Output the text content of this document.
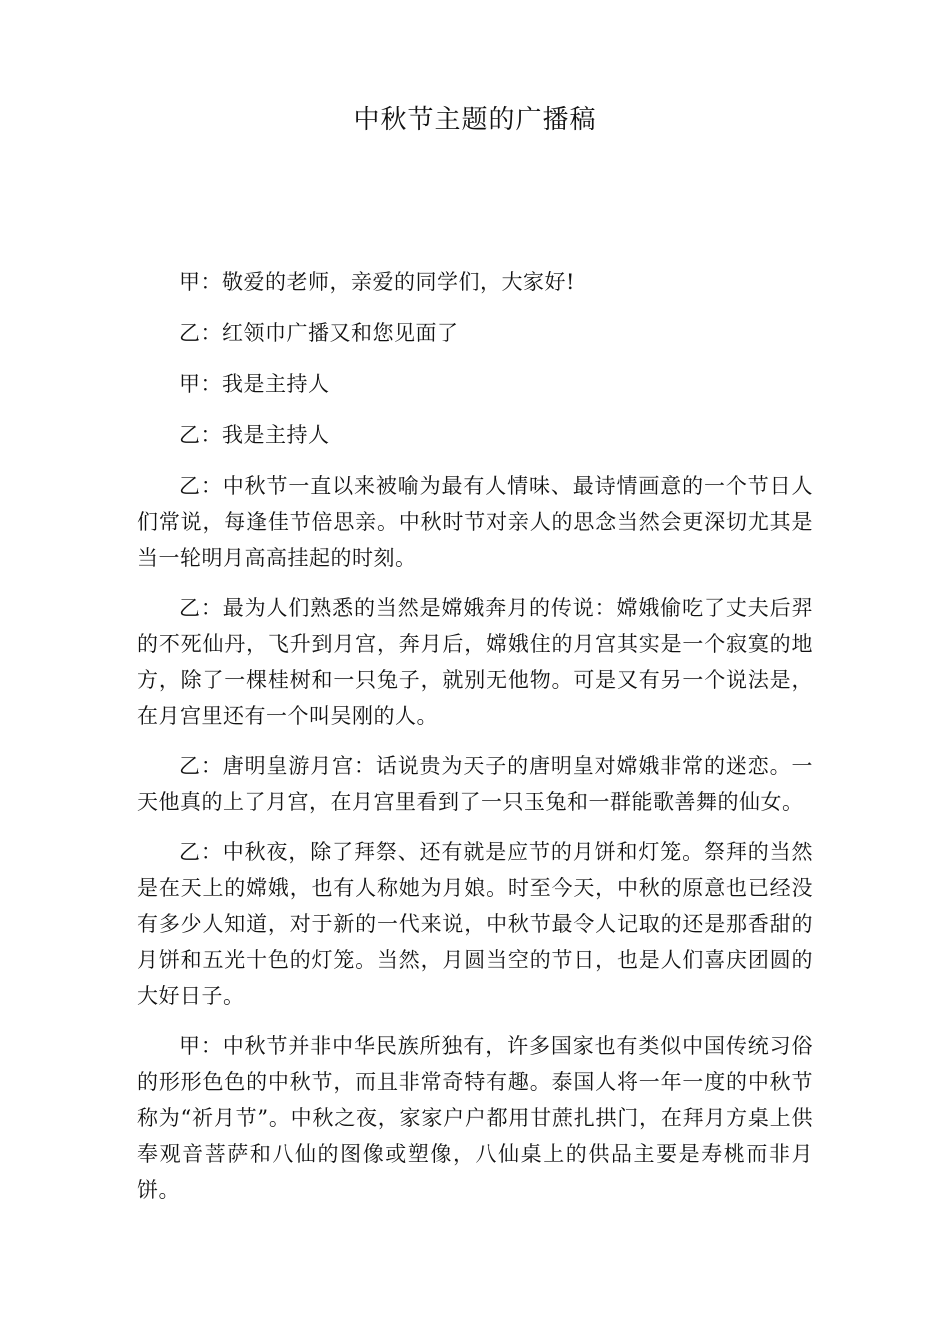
中秋节主题的广播稿

甲：敬爱的老师，亲爱的同学们，大家好!

乙：红领巾广播又和您见面了

甲：我是主持人

乙：我是主持人

乙：中秋节一直以来被喻为最有人情味、最诗情画意的一个节日人们常说，每逢佳节倍思亲。中秋时节对亲人的思念当然会更深切尤其是当一轮明月高高挂起的时刻。

乙：最为人们熟悉的当然是嫦娥奔月的传说：嫦娥偷吃了丈夫后羿的不死仙丹，飞升到月宫，奔月后，嫦娥住的月宫其实是一个寂寞的地方，除了一棵桂树和一只兔子，就别无他物。可是又有另一个说法是，在月宫里还有一个叫吴刚的人。

乙：唐明皇游月宫：话说贵为天子的唐明皇对嫦娥非常的迷恋。一天他真的上了月宫，在月宫里看到了一只玉兔和一群能歌善舞的仙女。

乙：中秋夜，除了拜祭、还有就是应节的月饼和灯笼。祭拜的当然是在天上的嫦娥，也有人称她为月娘。时至今天，中秋的原意也已经没有多少人知道，对于新的一代来说，中秋节最令人记取的还是那香甜的月饼和五光十色的灯笼。当然，月圆当空的节日，也是人们喜庆团圆的大好日子。

甲：中秋节并非中华民族所独有，许多国家也有类似中国传统习俗的形形色色的中秋节，而且非常奇特有趣。泰国人将一年一度的中秋节称为“祈月节”。中秋之夜，家家户户都用甘蔗扎拱门，在拜月方桌上供奉观音菩萨和八仙的图像或塑像，八仙桌上的供品主要是寿桃而非月饼。
